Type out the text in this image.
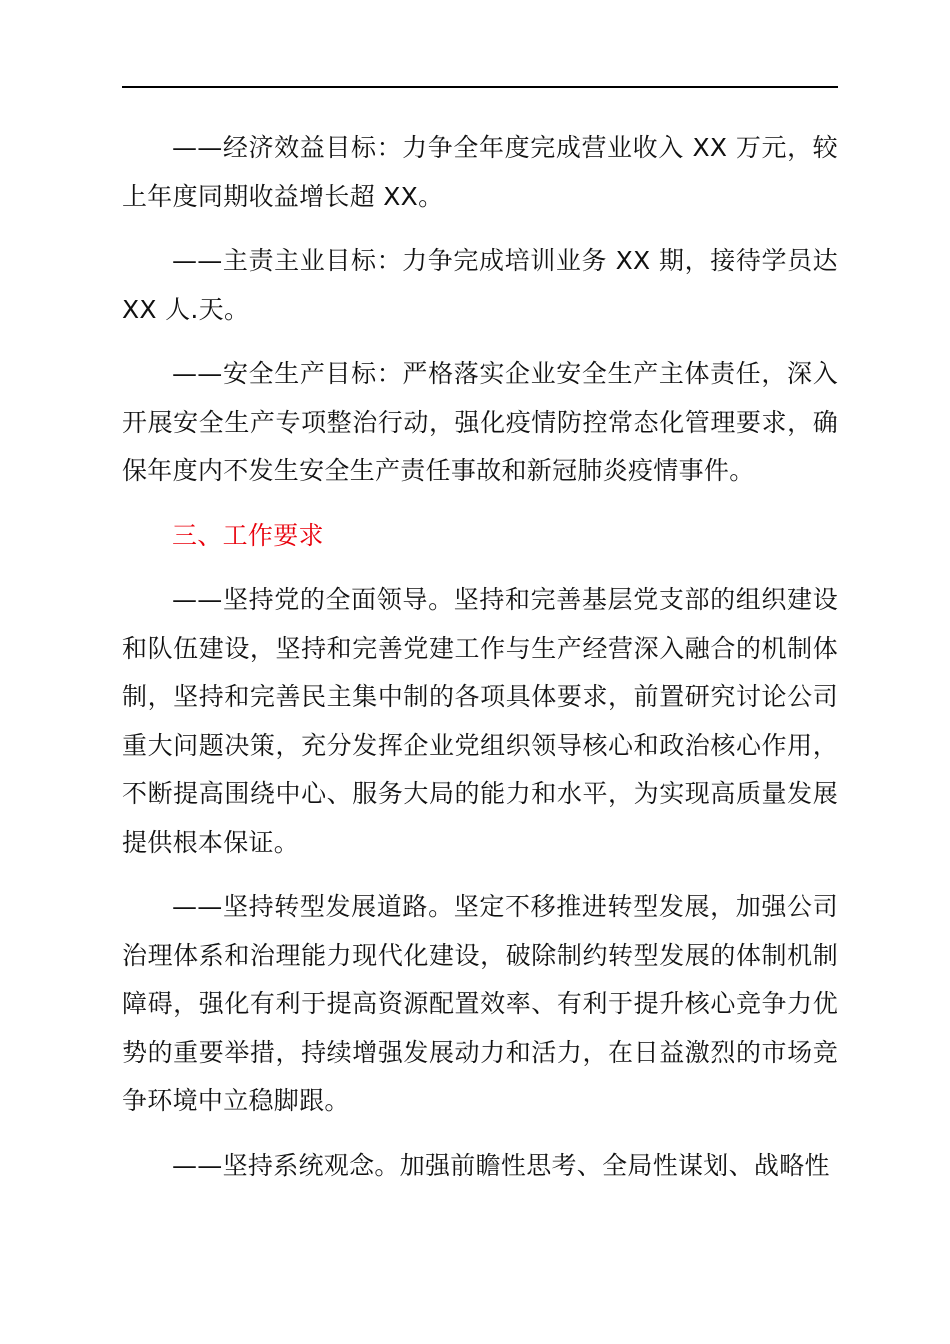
——经济效益目标：力争全年度完成营业收入 XX 万元，较上年度同期收益增长超 XX。

——主责主业目标：力争完成培训业务 XX 期，接待学员达XX 人.天。

——安全生产目标：严格落实企业安全生产主体责任，深入开展安全生产专项整治行动，强化疫情防控常态化管理要求，确保年度内不发生安全生产责任事故和新冠肺炎疫情事件。

三、工作要求

——坚持党的全面领导。坚持和完善基层党支部的组织建设和队伍建设，坚持和完善党建工作与生产经营深入融合的机制体制，坚持和完善民主集中制的各项具体要求，前置研究讨论公司重大问题决策，充分发挥企业党组织领导核心和政治核心作用，不断提高围绕中心、服务大局的能力和水平，为实现高质量发展提供根本保证。

——坚持转型发展道路。坚定不移推进转型发展，加强公司治理体系和治理能力现代化建设，破除制约转型发展的体制机制障碍，强化有利于提高资源配置效率、有利于提升核心竞争力优势的重要举措，持续增强发展动力和活力，在日益激烈的市场竞争环境中立稳脚跟。

——坚持系统观念。加强前瞻性思考、全局性谋划、战略性
